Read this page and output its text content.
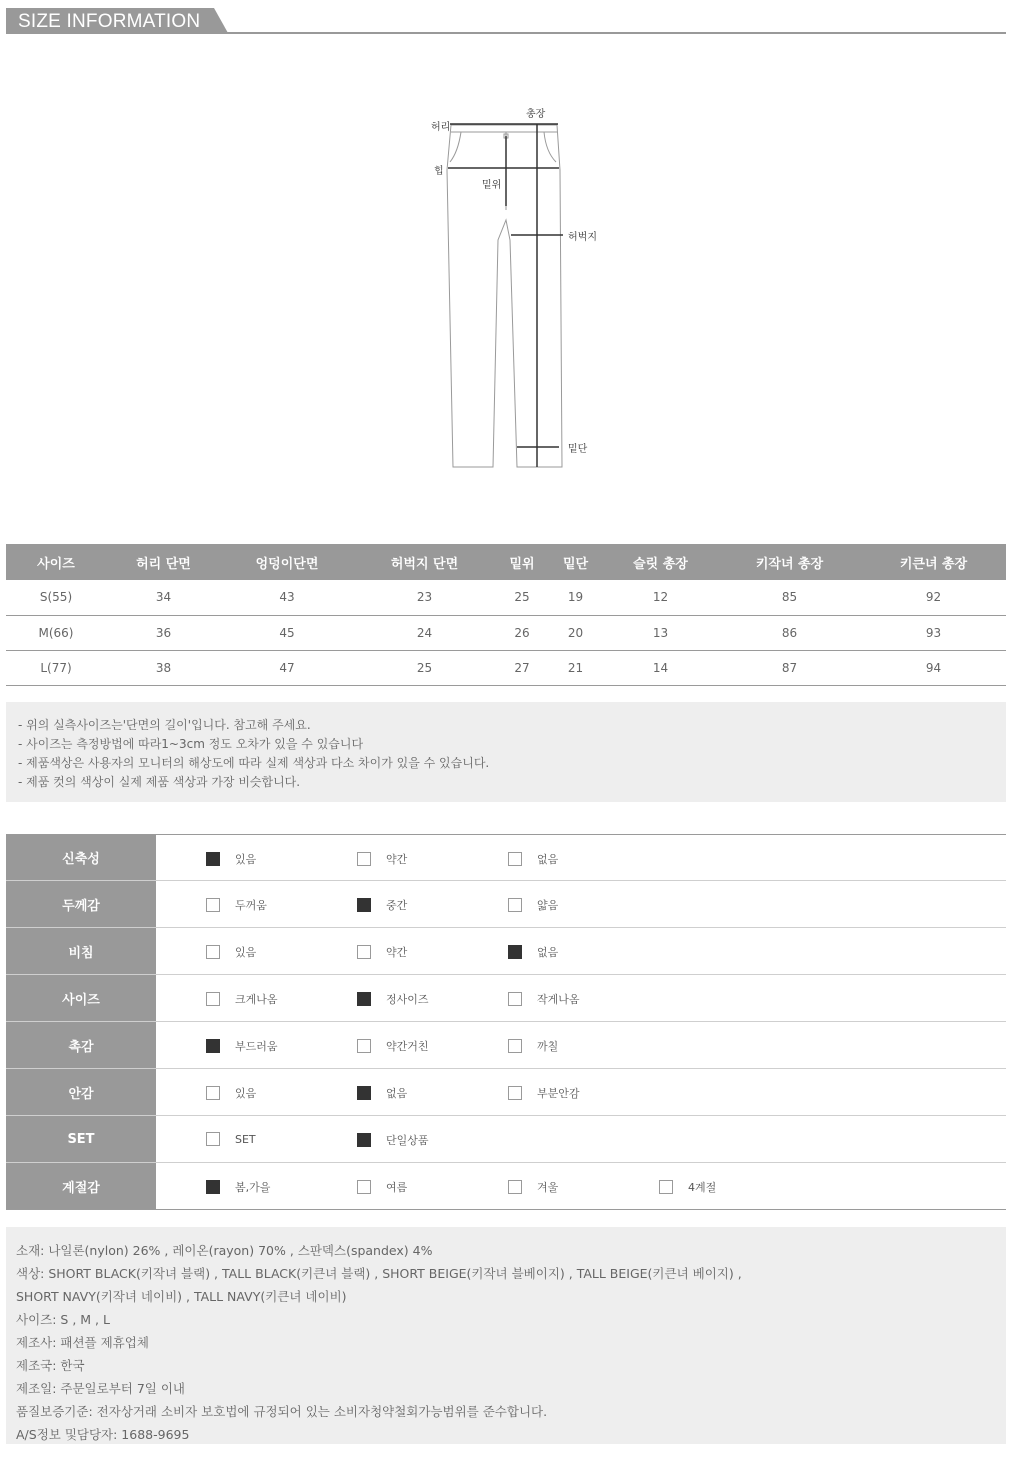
SIZE INFORMATION
허리
총장
힙
밑위
허벅지
밑단
사이즈	허리 단면	엉덩이단면	허벅지 단면	밑위	밑단	슬릿 총장	키작녀 총장	키큰녀 총장
S(55)	34	43	23	25	19	12	85	92
M(66)	36	45	24	26	20	13	86	93
L(77)	38	47	25	27	21	14	87	94
- 위의 실측사이즈는'단면의 길이'입니다. 참고해 주세요.
- 사이즈는 측정방법에 따라1~3cm 정도 오차가 있을 수 있습니다
- 제품색상은 사용자의 모니터의 해상도에 따라 실제 색상과 다소 차이가 있을 수 있습니다.
- 제품 컷의 색상이 실제 제품 색상과 가장 비슷합니다.
신축성	있음	약간	없음
두께감	두꺼움	중간	얇음
비침	있음	약간	없음
사이즈	크게나옴	정사이즈	작게나옴
촉감	부드러움	약간거친	까칠
안감	있음	없음	부분안감
SET	SET	단일상품
계절감	봄,가을	여름	겨울	4계절
소재: 나일론(nylon) 26% , 레이온(rayon) 70% , 스판덱스(spandex) 4%
색상: SHORT BLACK(키작녀 블랙) , TALL BLACK(키큰녀 블랙) , SHORT BEIGE(키작녀 블베이지) , TALL BEIGE(키큰녀 베이지) ,
SHORT NAVY(키작녀 네이비) , TALL NAVY(키큰녀 네이비)
사이즈: S , M , L
제조사: 패션플 제휴업체
제조국: 한국
제조일: 주문일로부터 7일 이내
품질보증기준: 전자상거래 소비자 보호법에 규정되어 있는 소비자청약철회가능범위를 준수합니다.
A/S정보 및담당자: 1688-9695
